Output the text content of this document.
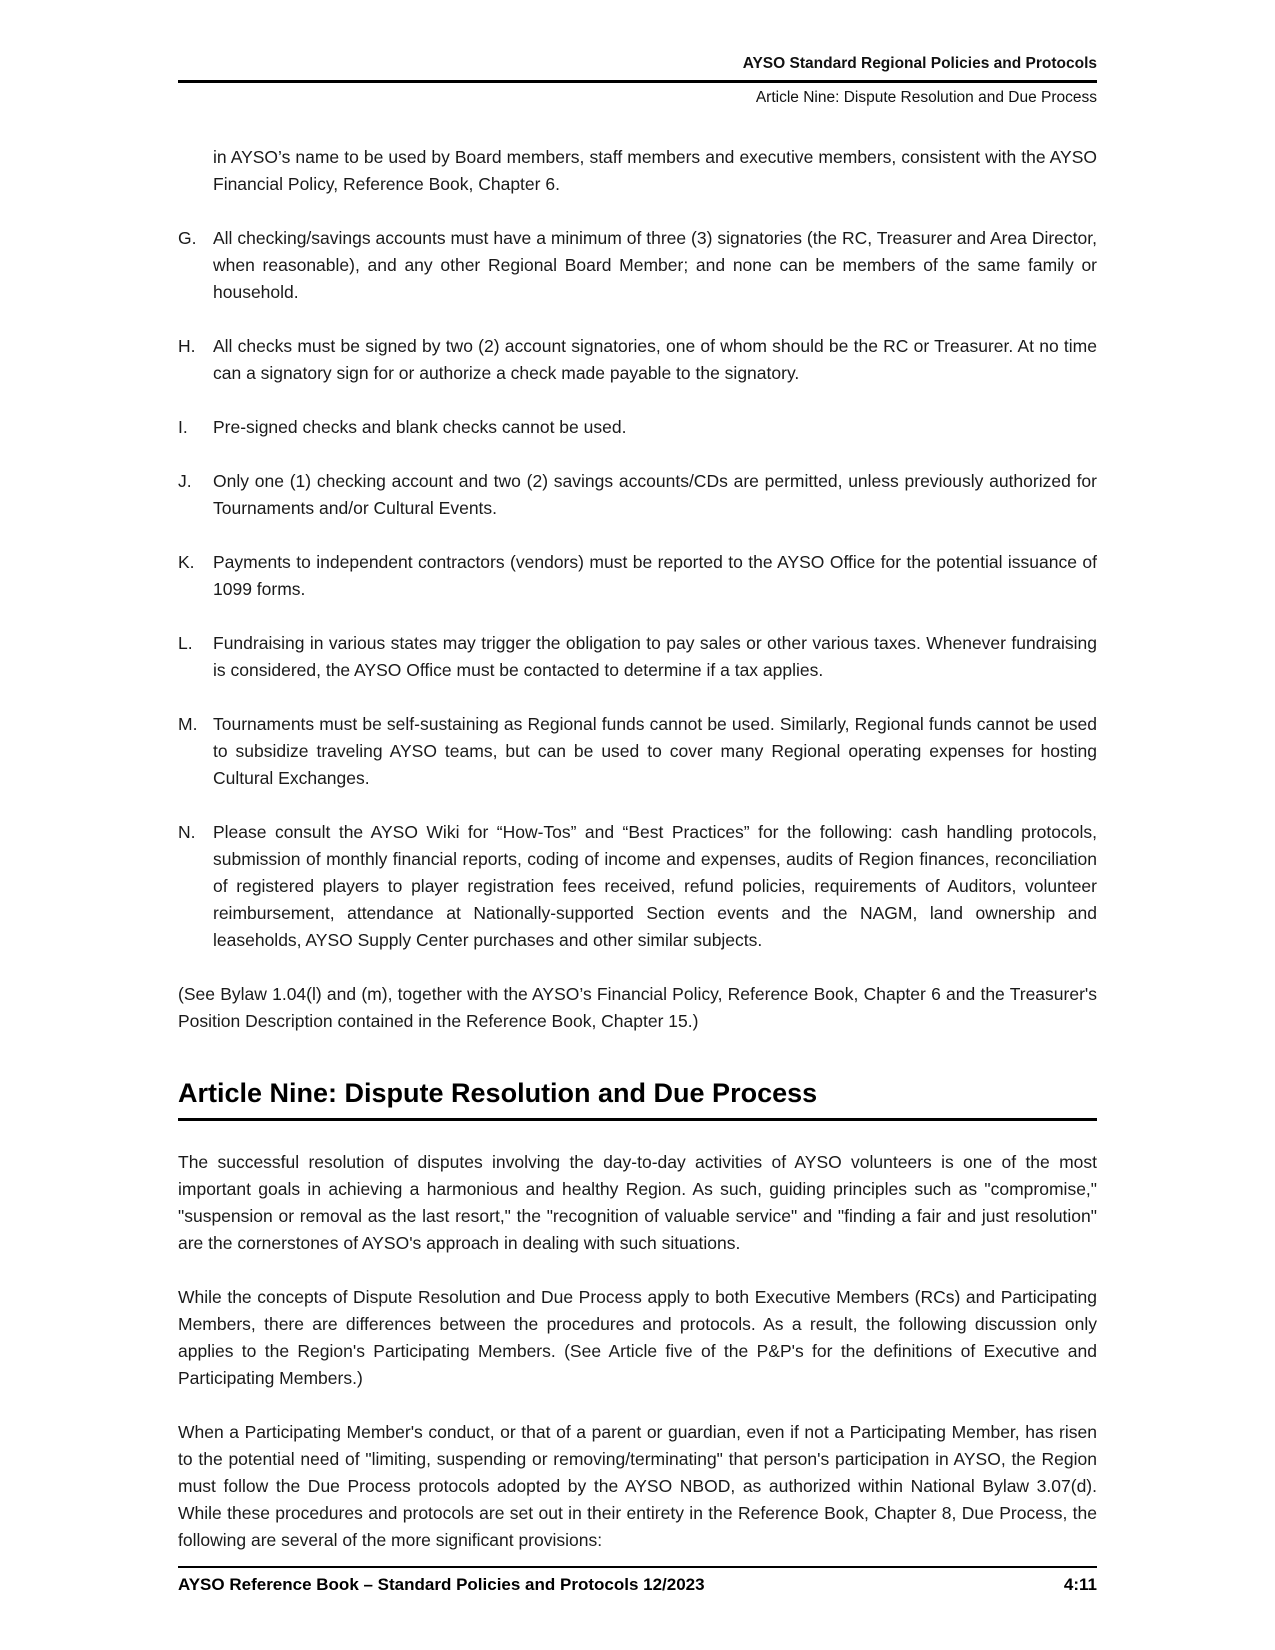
AYSO Standard Regional Policies and Protocols
Article Nine: Dispute Resolution and Due Process

in AYSO’s name to be used by Board members, staff members and executive members, consistent with the AYSO Financial Policy, Reference Book, Chapter 6.

G. All checking/savings accounts must have a minimum of three (3) signatories (the RC, Treasurer and Area Director, when reasonable), and any other Regional Board Member; and none can be members of the same family or household.
H.	All checks must be signed by two (2) account signatories, one of whom should be the RC or Treasurer. At no time can a signatory sign for or authorize a check made payable to the signatory.
I.	Pre-signed checks and blank checks cannot be used.
J.	Only one (1) checking account and two (2) savings accounts/CDs are permitted, unless previously authorized for Tournaments and/or Cultural Events.
K.	Payments to independent contractors (vendors) must be reported to the AYSO Office for the potential issuance of 1099 forms.
L.	Fundraising in various states may trigger the obligation to pay sales or other various taxes. Whenever fundraising is considered, the AYSO Office must be contacted to determine if a tax applies.
M. Tournaments must be self-sustaining as Regional funds cannot be used. Similarly, Regional funds cannot be used to subsidize traveling AYSO teams, but can be used to cover many Regional operating expenses for hosting Cultural Exchanges.
N.	Please consult the AYSO Wiki for “How-Tos” and “Best Practices” for the following: cash handling protocols, submission of monthly financial reports, coding of income and expenses, audits of Region finances, reconciliation of registered players to player registration fees received, refund policies, requirements of Auditors, volunteer reimbursement, attendance at Nationally-supported Section events and the NAGM, land ownership and leaseholds, AYSO Supply Center purchases and other similar subjects.

(See Bylaw 1.04(l) and (m), together with the AYSO’s Financial Policy, Reference Book, Chapter 6 and the Treasurer's Position Description contained in the Reference Book, Chapter 15.)

Article Nine: Dispute Resolution and Due Process

The successful resolution of disputes involving the day-to-day activities of AYSO volunteers is one of the most important goals in achieving a harmonious and healthy Region. As such, guiding principles such as "compromise," "suspension or removal as the last resort," the "recognition of valuable service" and "finding a fair and just resolution" are the cornerstones of AYSO's approach in dealing with such situations.

While the concepts of Dispute Resolution and Due Process apply to both Executive Members (RCs) and Participating Members, there are differences between the procedures and protocols. As a result, the following discussion only applies to the Region's Participating Members. (See Article five of the P&P's for the definitions of Executive and Participating Members.)

When a Participating Member's conduct, or that of a parent or guardian, even if not a Participating Member, has risen to the potential need of "limiting, suspending or removing/terminating" that person's participation in AYSO, the Region must follow the Due Process protocols adopted by the AYSO NBOD, as authorized within National Bylaw 3.07(d). While these procedures and protocols are set out in their entirety in the Reference Book, Chapter 8, Due Process, the following are several of the more significant provisions:

AYSO Reference Book – Standard Policies and Protocols 12/2023	4:11
